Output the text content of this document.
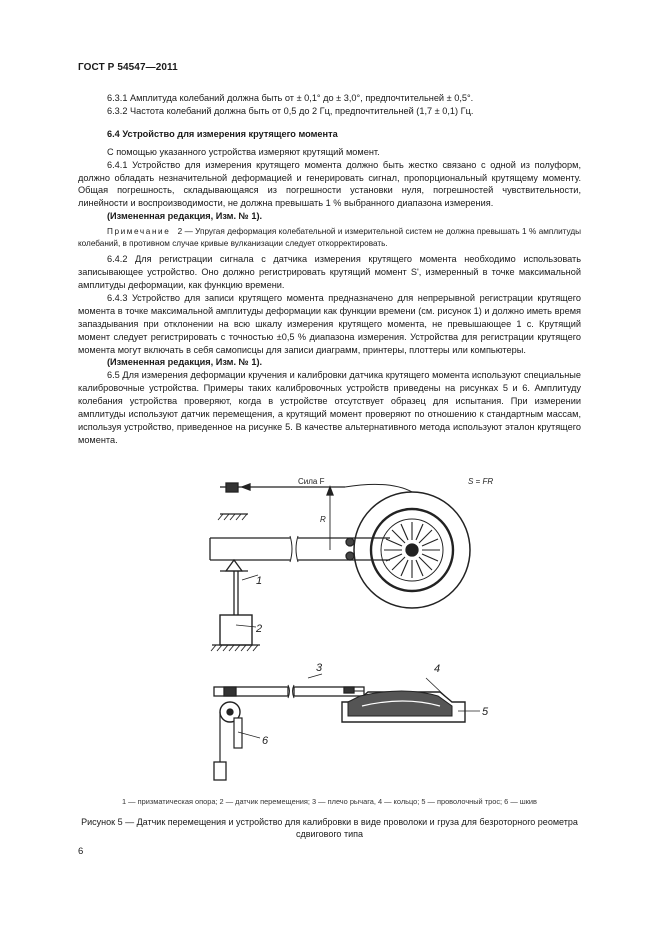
ГОСТ Р 54547—2011

6.3.1 Амплитуда колебаний должна быть от ± 0,1° до ± 3,0°, предпочтительней ± 0,5°.

6.3.2 Частота колебаний должна быть от 0,5 до 2 Гц, предпочтительней (1,7 ± 0,1) Гц.

6.4 Устройство для измерения крутящего момента

С помощью указанного устройства измеряют крутящий момент.

6.4.1 Устройство для измерения крутящего момента должно быть жестко связано с одной из полуформ, должно обладать незначительной деформацией и генерировать сигнал, пропорциональный крутящему моменту. Общая погрешность, складывающаяся из погрешности установки нуля, погрешностей чувствительности, линейности и воспроизводимости, не должна превышать 1 % выбранного диапазона измерения.

(Измененная редакция, Изм. № 1).

Примечание 2 — Упругая деформация колебательной и измерительной систем не должна превышать 1 % амплитуды колебаний, в противном случае кривые вулканизации следует откорректировать.

6.4.2 Для регистрации сигнала с датчика измерения крутящего момента необходимо использовать записывающее устройство. Оно должно регистрировать крутящий момент S', измеренный в точке максимальной амплитуды деформации, как функцию времени.

6.4.3 Устройство для записи крутящего момента предназначено для непрерывной регистрации крутящего момента в точке максимальной амплитуды деформации как функции времени (см. рисунок 1) и должно иметь время запаздывания при отклонении на всю шкалу измерения крутящего момента, не превышающее 1 с. Крутящий момент следует регистрировать с точностью ±0,5 % диапазона измерения. Устройства для регистрации крутящего момента могут включать в себя самописцы для записи диаграмм, принтеры, плоттеры или компьютеры.

(Измененная редакция, Изм. № 1).

6.5 Для измерения деформации кручения и калибровки датчика крутящего момента используют специальные калибровочные устройства. Примеры таких калибровочных устройств приведены на рисунках 5 и 6. Амплитуду колебания устройства проверяют, когда в устройстве отсутствует образец для испытания. При измерении амплитуды используют датчик перемещения, а крутящий момент проверяют по отношению к стандартным массам, используя устройство, приведенное на рисунке 5. В качестве альтернативного метода используют эталон крутящего момента.

Сила F	S = FR
R
1
2
3	4
5
6
1 — призматическая опора; 2 — датчик перемещения; 3 — плечо рычага, 4 — кольцо; 5 — проволочный трос; 6 — шкив
Рисунок 5 — Датчик перемещения и устройство для калибровки в виде проволоки и груза для безроторного реометра сдвигового типа
6
